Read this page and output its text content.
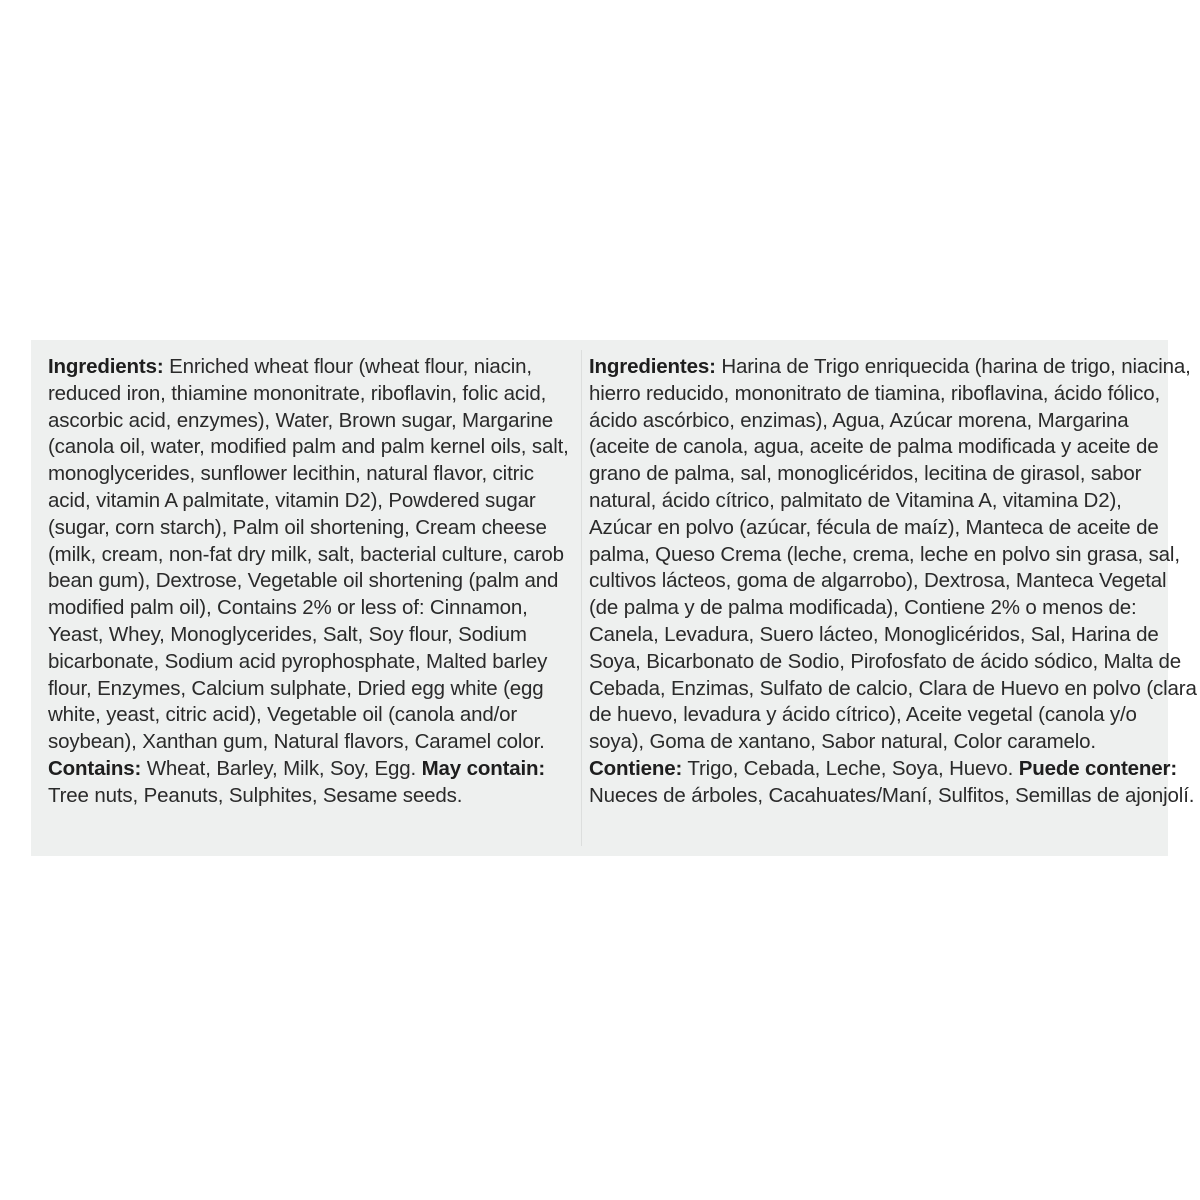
Ingredients: Enriched wheat flour (wheat flour, niacin,
reduced iron, thiamine mononitrate, riboflavin, folic acid,
ascorbic acid, enzymes), Water, Brown sugar, Margarine
(canola oil, water, modified palm and palm kernel oils, salt,
monoglycerides, sunflower lecithin, natural flavor, citric
acid, vitamin A palmitate, vitamin D2), Powdered sugar
(sugar, corn starch), Palm oil shortening, Cream cheese
(milk, cream, non-fat dry milk, salt, bacterial culture, carob
bean gum), Dextrose, Vegetable oil shortening (palm and
modified palm oil), Contains 2% or less of: Cinnamon,
Yeast, Whey, Monoglycerides, Salt, Soy flour, Sodium
bicarbonate, Sodium acid pyrophosphate, Malted barley
flour, Enzymes, Calcium sulphate, Dried egg white (egg
white, yeast, citric acid), Vegetable oil (canola and/or
soybean), Xanthan gum, Natural flavors, Caramel color.
Contains: Wheat, Barley, Milk, Soy, Egg. May contain:
Tree nuts, Peanuts, Sulphites, Sesame seeds.
Ingredientes: Harina de Trigo enriquecida (harina de trigo, niacina,
hierro reducido, mononitrato de tiamina, riboflavina, ácido fólico,
ácido ascórbico, enzimas), Agua, Azúcar morena, Margarina
(aceite de canola, agua, aceite de palma modificada y aceite de
grano de palma, sal, monoglicéridos, lecitina de girasol, sabor
natural, ácido cítrico, palmitato de Vitamina A, vitamina D2),
Azúcar en polvo (azúcar, fécula de maíz), Manteca de aceite de
palma, Queso Crema (leche, crema, leche en polvo sin grasa, sal,
cultivos lácteos, goma de algarrobo), Dextrosa, Manteca Vegetal
(de palma y de palma modificada), Contiene 2% o menos de:
Canela, Levadura, Suero lácteo, Monoglicéridos, Sal, Harina de
Soya, Bicarbonato de Sodio, Pirofosfato de ácido sódico, Malta de
Cebada, Enzimas, Sulfato de calcio, Clara de Huevo en polvo (clara
de huevo, levadura y ácido cítrico), Aceite vegetal (canola y/o
soya), Goma de xantano, Sabor natural, Color caramelo.
Contiene: Trigo, Cebada, Leche, Soya, Huevo. Puede contener:
Nueces de árboles, Cacahuates/Maní, Sulfitos, Semillas de ajonjolí.
